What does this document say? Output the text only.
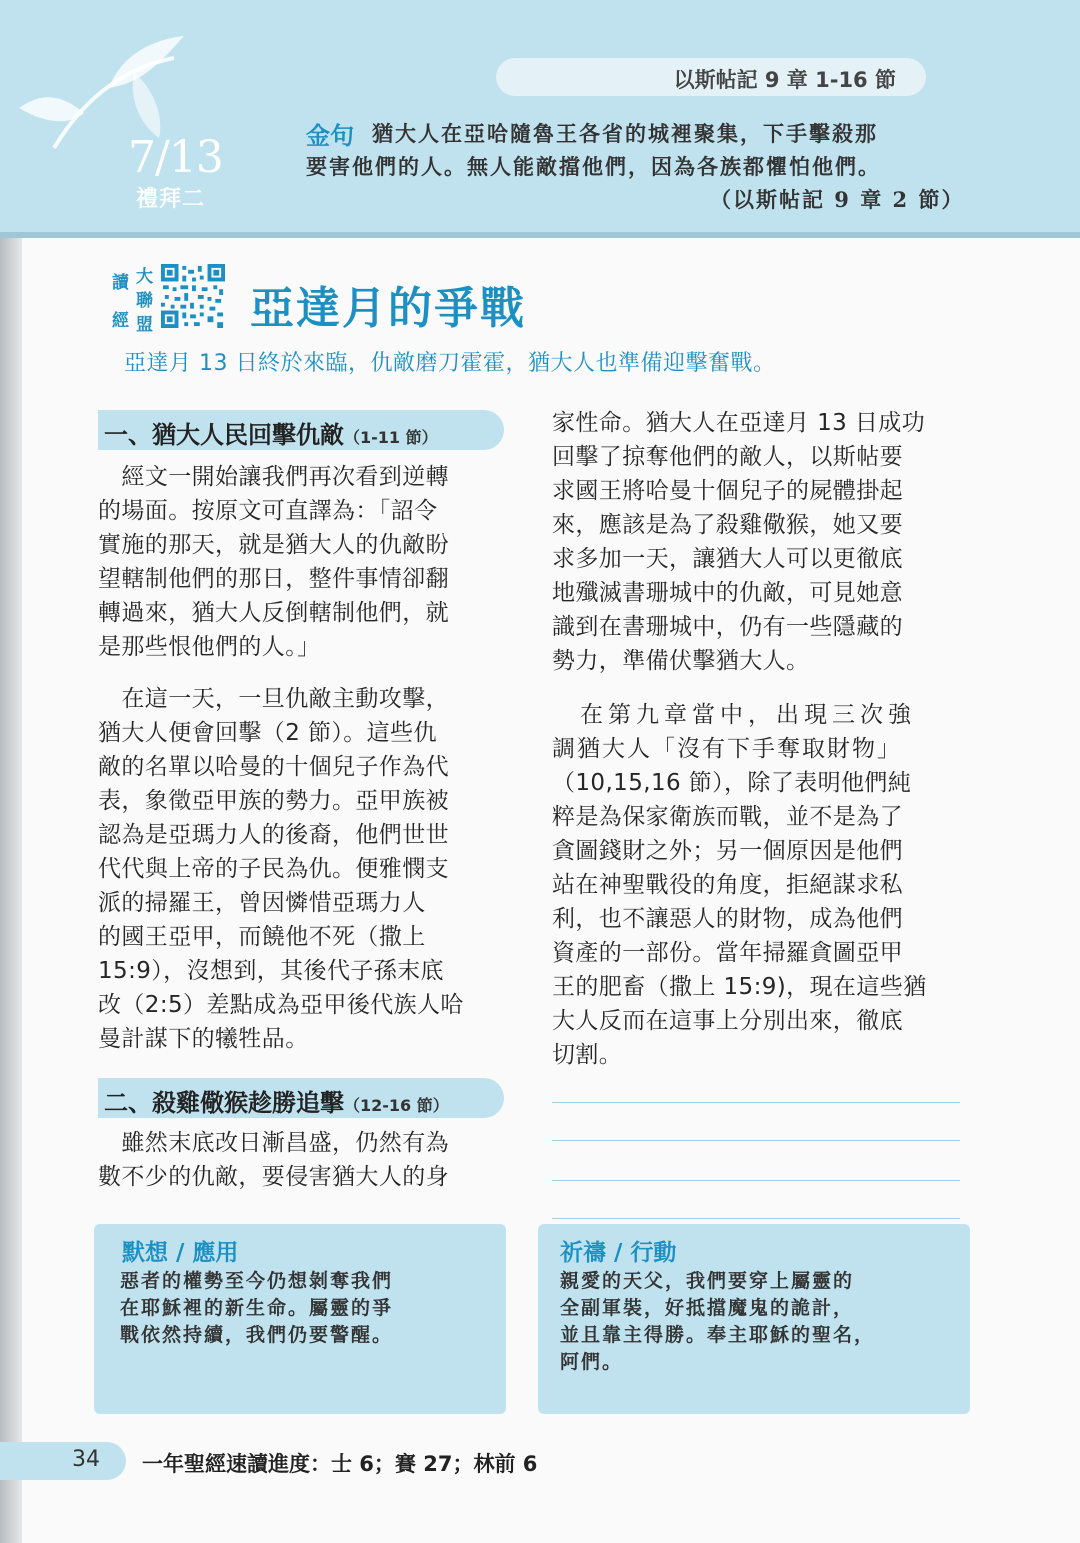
7/13
禮拜二
以斯帖記 9 章 1-16 節
金句 猶大人在亞哈隨魯王各省的城裡聚集，下手擊殺那
要害他們的人。無人能敵擋他們，因為各族都懼怕他們。
（以斯帖記 9 章 2 節）
讀 大
聯
經 盟 亞達月的爭戰
亞達月 13 日終於來臨，仇敵磨刀霍霍，猶大人也準備迎擊奮戰。
一、猶大人民回擊仇敵（1-11 節）
　經文一開始讓我們再次看到逆轉
的場面。按原文可直譯為：「詔令
實施的那天，就是猶大人的仇敵盼
望轄制他們的那日，整件事情卻翻
轉過來，猶大人反倒轄制他們，就
是那些恨他們的人。」
　在這一天，一旦仇敵主動攻擊，
猶大人便會回擊（2 節）。這些仇
敵的名單以哈曼的十個兒子作為代
表，象徵亞甲族的勢力。亞甲族被
認為是亞瑪力人的後裔，他們世世
代代與上帝的子民為仇。便雅憫支
派的掃羅王，曾因憐惜亞瑪力人
的國王亞甲，而饒他不死（撒上
15:9），沒想到，其後代子孫末底
改（2:5）差點成為亞甲後代族人哈
曼計謀下的犧牲品。
二、殺雞儆猴趁勝追擊（12-16 節）
　雖然末底改日漸昌盛，仍然有為
數不少的仇敵，要侵害猶大人的身
家性命。猶大人在亞達月 13 日成功
回擊了掠奪他們的敵人，以斯帖要
求國王將哈曼十個兒子的屍體掛起
來，應該是為了殺雞儆猴，她又要
求多加一天，讓猶大人可以更徹底
地殲滅書珊城中的仇敵，可見她意
識到在書珊城中，仍有一些隱藏的
勢力，準備伏擊猶大人。
　在第九章當中，出現三次強
調猶大人「沒有下手奪取財物」
（10,15,16 節），除了表明他們純
粹是為保家衛族而戰，並不是為了
貪圖錢財之外；另一個原因是他們
站在神聖戰役的角度，拒絕謀求私
利，也不讓惡人的財物，成為他們
資產的一部份。當年掃羅貪圖亞甲
王的肥畜（撒上 15:9)，現在這些猶
大人反而在這事上分別出來，徹底
切割。
默想 / 應用
惡者的權勢至今仍想剝奪我們
在耶穌裡的新生命。屬靈的爭
戰依然持續，我們仍要警醒。
祈禱 / 行動
親愛的天父，我們要穿上屬靈的
全副軍裝，好抵擋魔鬼的詭計，
並且靠主得勝。奉主耶穌的聖名，
阿們。
34 一年聖經速讀進度：士 6；賽 27；林前 6
